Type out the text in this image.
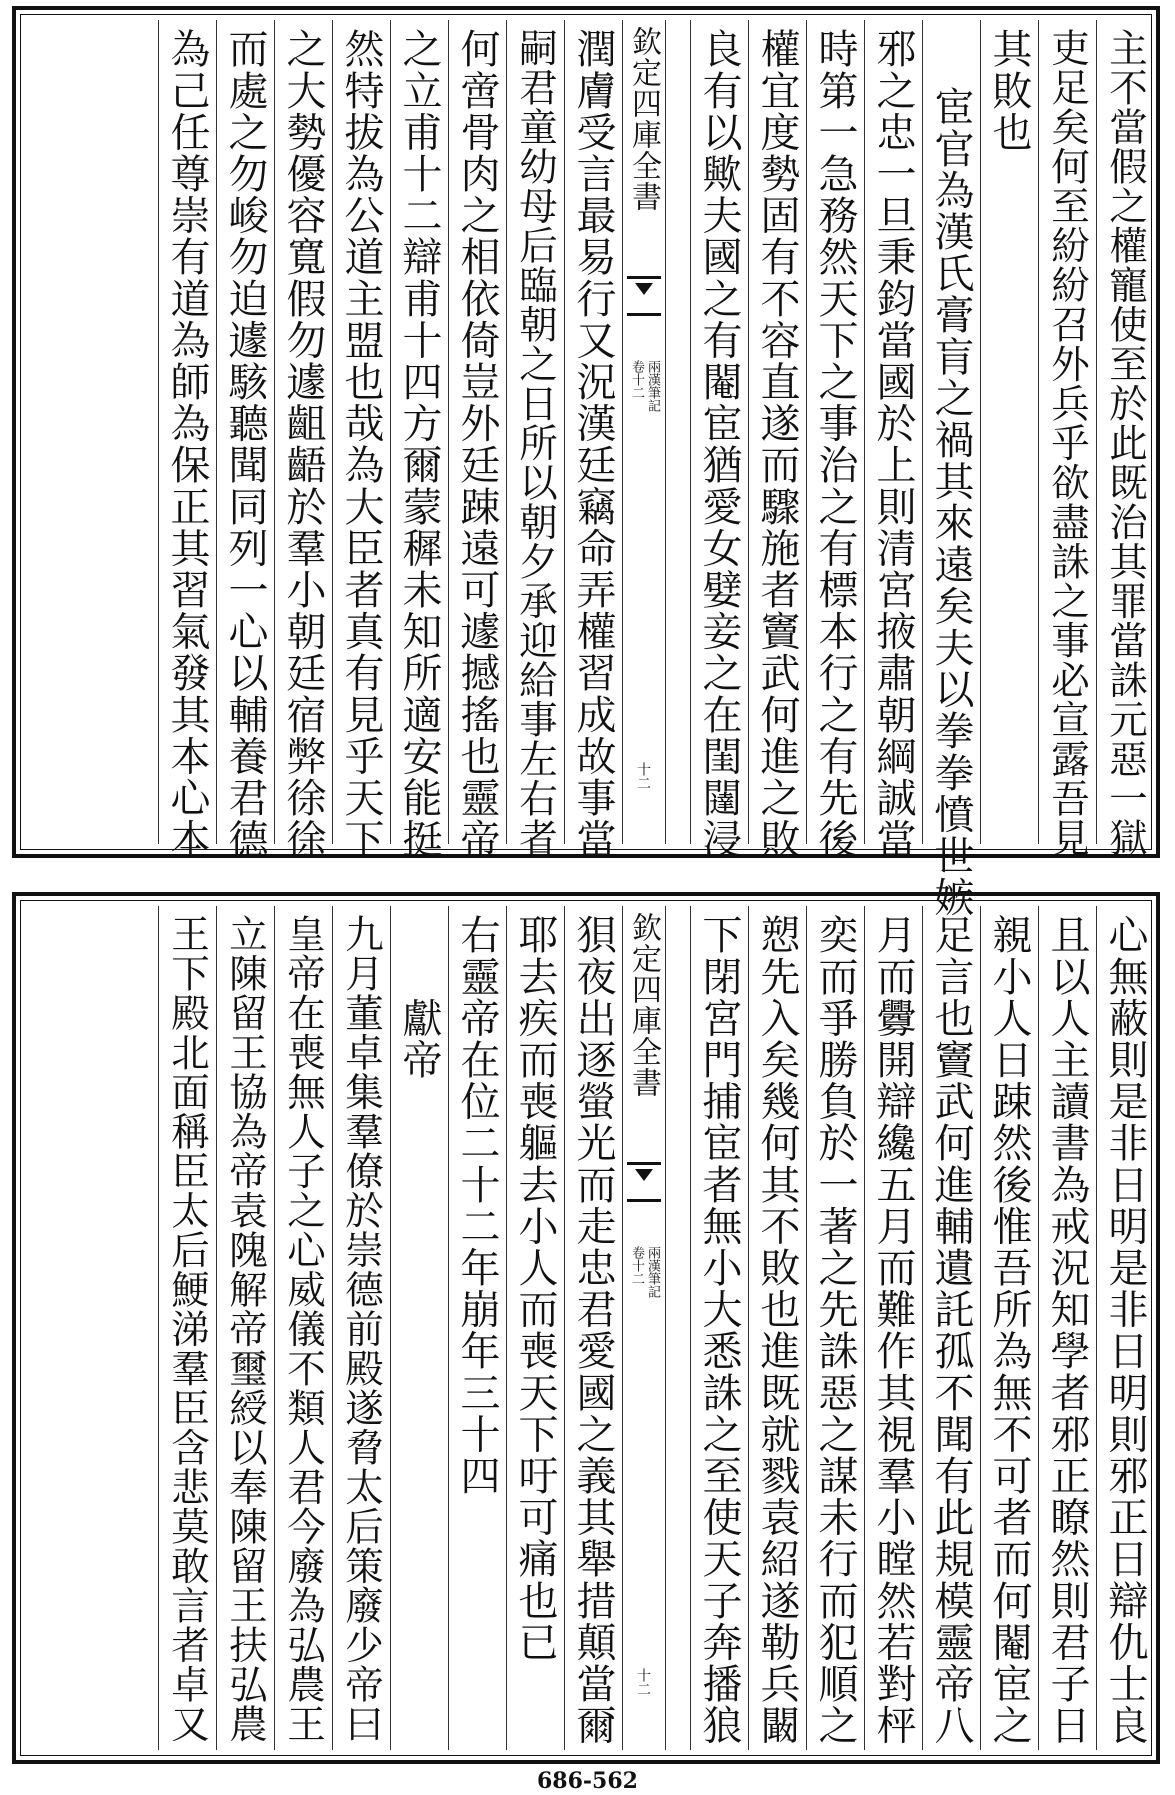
主不當假之權寵使至於此既治其罪當誅元惡一獄
吏足矣何至紛紛召外兵乎欲盡誅之事必宣露吾見
其敗也
宦官為漢氏膏肓之禍其來遠矣夫以拳拳憤世嫉
邪之忠一旦秉鈞當國於上則清宮掖肅朝綱誠當
時第一急務然天下之事治之有標本行之有先後
權宜度勢固有不容直遂而驟施者竇武何進之敗
良有以歟夫國之有閹宦猶愛女嬖妾之在閨闥浸
欽定四庫全書
兩漢筆記
卷十二
十二
潤膚受言最易行又況漢廷竊命弄權習成故事當
嗣君童幼母后臨朝之日所以朝夕承迎給事左右者
何啻骨肉之相依倚豈外廷踈遠可遽撼搖也靈帝
之立甫十二辯甫十四方爾蒙穉未知所適安能挺
然特拔為公道主盟也哉為大臣者真有見乎天下
之大勢優容寬假勿遽齟齬於羣小朝廷宿弊徐徐
而處之勿峻勿迫遽駭聽聞同列一心以輔養君德
為己任尊崇有道為師為保正其習氣發其本心本
心無蔽則是非日明是非日明則邪正日辯仇士良
且以人主讀書為戒況知學者邪正瞭然則君子日
親小人日踈然後惟吾所為無不可者而何閹宦之
足言也竇武何進輔遺託孤不聞有此規模靈帝八
月而釁開辯纔五月而難作其視羣小瞠然若對枰
奕而爭勝負於一著之先誅惡之謀未行而犯順之
愬先入矣幾何其不敗也進既就戮袁紹遂勒兵闞
下閉宮門捕宦者無小大悉誅之至使天子奔播狼
欽定四庫全書
兩漢筆記
卷十二
十二
狽夜出逐螢光而走忠君愛國之義其舉措顛當爾
耶去疾而喪軀去小人而喪天下吁可痛也已
右靈帝在位二十二年崩年三十四
　　獻帝
九月董卓集羣僚於崇德前殿遂脅太后策廢少帝曰
皇帝在喪無人子之心威儀不類人君今廢為弘農王
立陳留王協為帝袁隗解帝璽綬以奉陳留王扶弘農
王下殿北面稱臣太后鯁涕羣臣含悲莫敢言者卓又
686-562
